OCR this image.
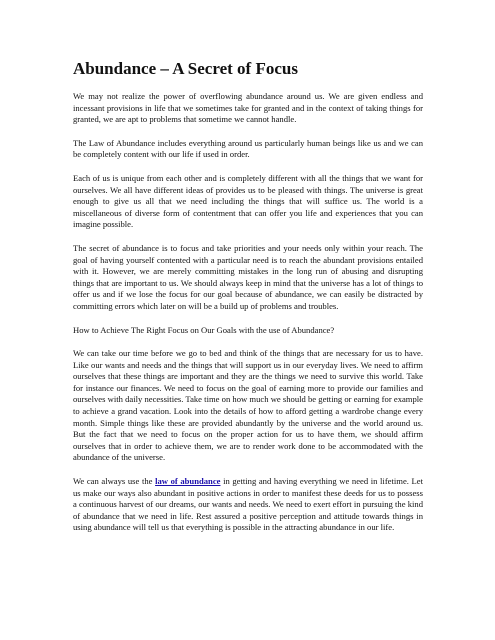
Abundance – A Secret of Focus

We may not realize the power of overflowing abundance around us. We are given endless and incessant provisions in life that we sometimes take for granted and in the context of taking things for granted, we are apt to problems that sometime we cannot handle.

The Law of Abundance includes everything around us particularly human beings like us and we can be completely content with our life if used in order.

Each of us is unique from each other and is completely different with all the things that we want for ourselves. We all have different ideas of provides us to be pleased with things. The universe is great enough to give us all that we need including the things that will suffice us. The world is a miscellaneous of diverse form of contentment that can offer you life and experiences that you can imagine possible.

The secret of abundance is to focus and take priorities and your needs only within your reach. The goal of having yourself contented with a particular need is to reach the abundant provisions entailed with it. However, we are merely committing mistakes in the long run of abusing and disrupting things that are important to us. We should always keep in mind that the universe has a lot of things to offer us and if we lose the focus for our goal because of abundance, we can easily be distracted by committing errors which later on will be a build up of problems and troubles.

How to Achieve The Right Focus on Our Goals with the use of Abundance?

We can take our time before we go to bed and think of the things that are necessary for us to have. Like our wants and needs and the things that will support us in our everyday lives. We need to affirm ourselves that these things are important and they are the things we need to survive this world. Take for instance our finances. We need to focus on the goal of earning more to provide our families and ourselves with daily necessities. Take time on how much we should be getting or earning for example to achieve a grand vacation. Look into the details of how to afford getting a wardrobe change every month. Simple things like these are provided abundantly by the universe and the world around us. But the fact that we need to focus on the proper action for us to have them, we should affirm ourselves that in order to achieve them, we are to render work done to be accommodated with the abundance of the universe.

We can always use the law of abundance in getting and having everything we need in lifetime. Let us make our ways also abundant in positive actions in order to manifest these deeds for us to possess a continuous harvest of our dreams, our wants and needs. We need to exert effort in pursuing the kind of abundance that we need in life. Rest assured a positive perception and attitude towards things in using abundance will tell us that everything is possible in the attracting abundance in our life.
